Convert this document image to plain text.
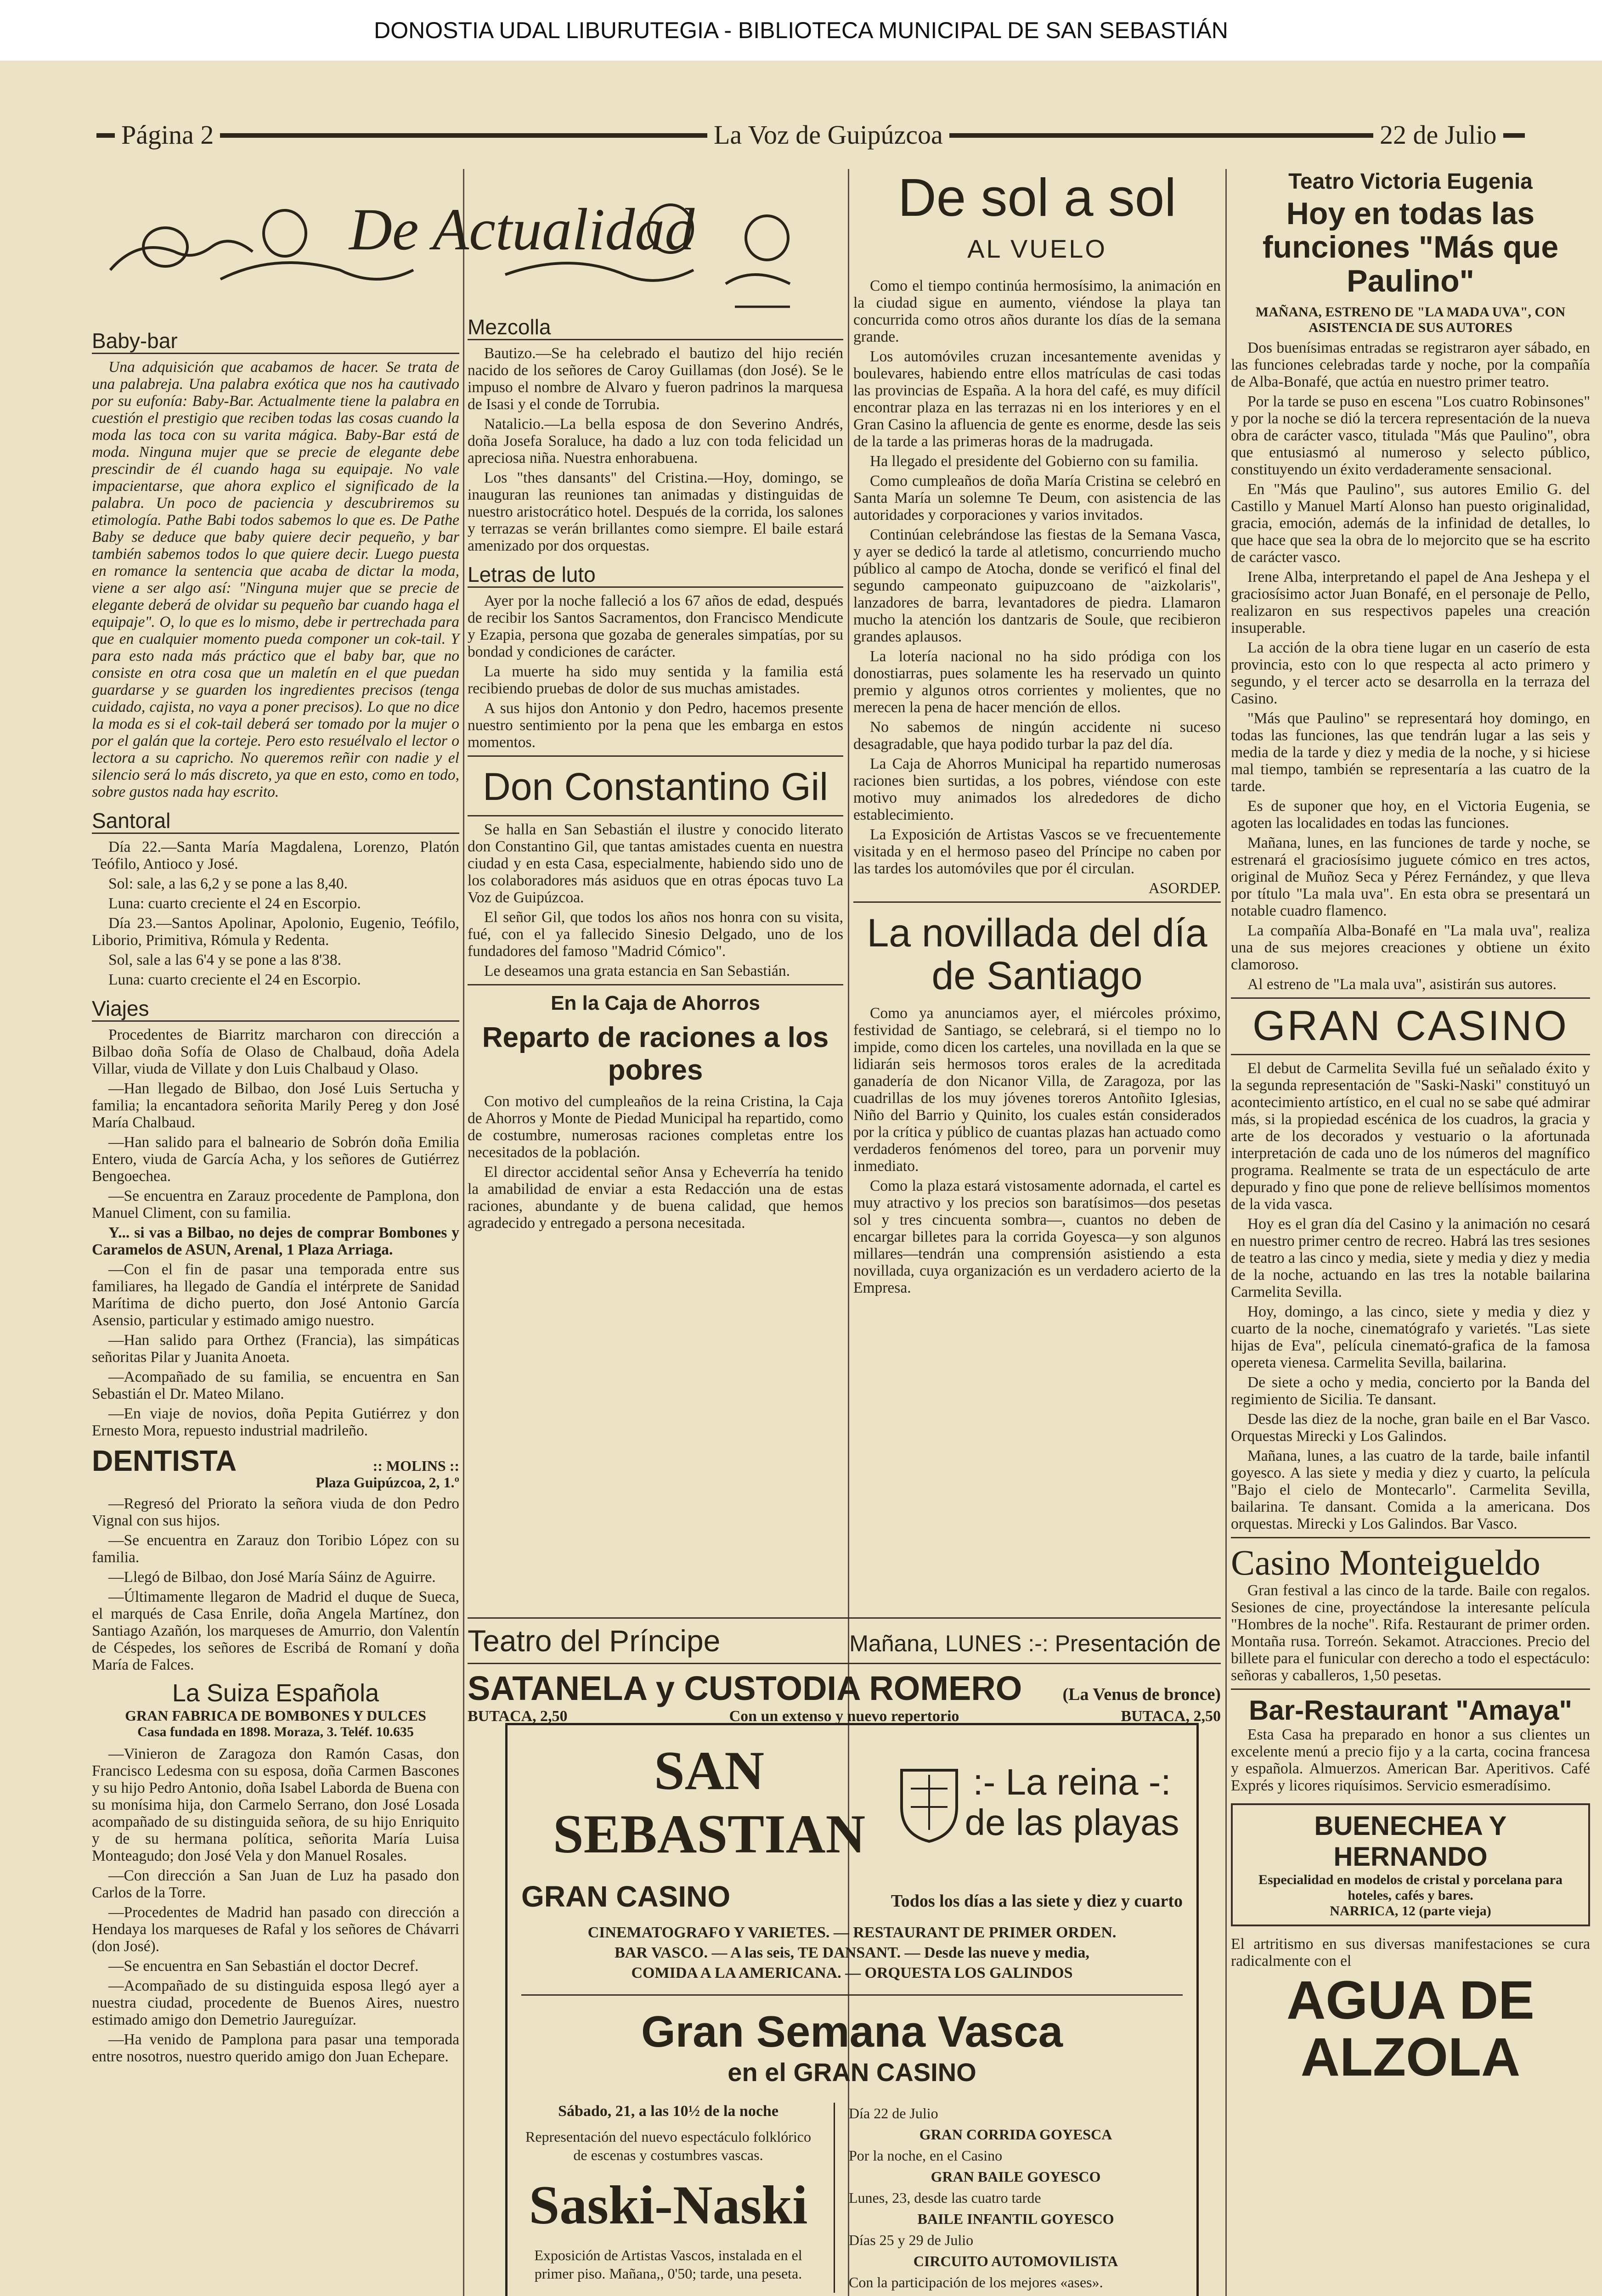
DONOSTIA UDAL LIBURUTEGIA - BIBLIOTECA MUNICIPAL DE SAN SEBASTIÁN
Página 2	La Voz de Guipúzcoa	22 de Julio
De Actualidad
Baby-bar

Una adquisición que acabamos de hacer. Se trata de una palabreja. Una palabra exótica que nos ha cautivado por su eufonía: Baby-Bar. Actualmente tiene la palabra en cuestión el prestigio que reciben todas las cosas cuando la moda las toca con su varita mágica. Baby-Bar está de moda. Ninguna mujer que se precie de elegante debe prescindir de él cuando haga su equipaje. No vale impacientarse, que ahora explico el significado de la palabra. Un poco de paciencia y descubriremos su etimología. Pathe Babi todos sabemos lo que es. De Pathe Baby se deduce que baby quiere decir pequeño, y bar también sabemos todos lo que quiere decir. Luego puesta en romance la sentencia que acaba de dictar la moda, viene a ser algo así: "Ninguna mujer que se precie de elegante deberá de olvidar su pequeño bar cuando haga el equipaje". O, lo que es lo mismo, debe ir pertrechada para que en cualquier momento pueda componer un cok-tail. Y para esto nada más práctico que el baby bar, que no consiste en otra cosa que un maletín en el que puedan guardarse y se guarden los ingredientes precisos (tenga cuidado, cajista, no vaya a poner precisos). Lo que no dice la moda es si el cok-tail deberá ser tomado por la mujer o por el galán que la corteje. Pero esto resuélvalo el lector o lectora a su capricho. No queremos reñir con nadie y el silencio será lo más discreto, ya que en esto, como en todo, sobre gustos nada hay escrito.

Santoral

Día 22.—Santa María Magdalena, Lorenzo, Platón Teófilo, Antioco y José.

Sol: sale, a las 6,2 y se pone a las 8,40.

Luna: cuarto creciente el 24 en Escorpio.

Día 23.—Santos Apolinar, Apolonio, Eugenio, Teófilo, Liborio, Primitiva, Rómula y Redenta.

Sol, sale a las 6'4 y se pone a las 8'38.

Luna: cuarto creciente el 24 en Escorpio.

Viajes

Procedentes de Biarritz marcharon con dirección a Bilbao doña Sofía de Olaso de Chalbaud, doña Adela Villar, viuda de Villate y don Luis Chalbaud y Olaso.

—Han llegado de Bilbao, don José Luis Sertucha y familia; la encantadora señorita Marily Pereg y don José María Chalbaud.

—Han salido para el balneario de Sobrón doña Emilia Entero, viuda de García Acha, y los señores de Gutiérrez Bengoechea.

—Se encuentra en Zarauz procedente de Pamplona, don Manuel Climent, con su familia.

Y... si vas a Bilbao, no dejes de comprar Bombones y Caramelos de ASUN, Arenal, 1 Plaza Arriaga.

—Con el fin de pasar una temporada entre sus familiares, ha llegado de Gandía el intérprete de Sanidad Marítima de dicho puerto, don José Antonio García Asensio, particular y estimado amigo nuestro.

—Han salido para Orthez (Francia), las simpáticas señoritas Pilar y Juanita Anoeta.

—Acompañado de su familia, se encuentra en San Sebastián el Dr. Mateo Milano.

—En viaje de novios, doña Pepita Gutiérrez y don Ernesto Mora, repuesto industrial madrileño.

DENTISTA	:: MOLINS ::
Plaza Guipúzcoa, 2, 1.º

—Regresó del Priorato la señora viuda de don Pedro Vignal con sus hijos.

—Se encuentra en Zarauz don Toribio López con su familia.

—Llegó de Bilbao, don José María Sáinz de Aguirre.

—Últimamente llegaron de Madrid el duque de Sueca, el marqués de Casa Enrile, doña Angela Martínez, don Santiago Azañón, los marqueses de Amurrio, don Valentín de Céspedes, los señores de Escribá de Romaní y doña María de Falces.

La Suiza Española
GRAN FABRICA DE BOMBONES Y DULCES
Casa fundada en 1898. Moraza, 3. Teléf. 10.635

—Vinieron de Zaragoza don Ramón Casas, don Francisco Ledesma con su esposa, doña Carmen Bascones y su hijo Pedro Antonio, doña Isabel Laborda de Buena con su monísima hija, don Carmelo Serrano, don José Losada acompañado de su distinguida señora, de su hijo Enriquito y de su hermana política, señorita María Luisa Monteagudo; don José Vela y don Manuel Rosales.

—Con dirección a San Juan de Luz ha pasado don Carlos de la Torre.

—Procedentes de Madrid han pasado con dirección a Hendaya los marqueses de Rafal y los señores de Chávarri (don José).

—Se encuentra en San Sebastián el doctor Decref.

—Acompañado de su distinguida esposa llegó ayer a nuestra ciudad, procedente de Buenos Aires, nuestro estimado amigo don Demetrio Jaureguízar.

—Ha venido de Pamplona para pasar una temporada entre nosotros, nuestro querido amigo don Juan Echepare.

Mezcolla

Bautizo.—Se ha celebrado el bautizo del hijo recién nacido de los señores de Caroy Guillamas (don José). Se le impuso el nombre de Alvaro y fueron padrinos la marquesa de Isasi y el conde de Torrubia.

Natalicio.—La bella esposa de don Severino Andrés, doña Josefa Soraluce, ha dado a luz con toda felicidad un apreciosa niña. Nuestra enhorabuena.

Los "thes dansants" del Cristina.—Hoy, domingo, se inauguran las reuniones tan animadas y distinguidas de nuestro aristocrático hotel. Después de la corrida, los salones y terrazas se verán brillantes como siempre. El baile estará amenizado por dos orquestas.

Letras de luto

Ayer por la noche falleció a los 67 años de edad, después de recibir los Santos Sacramentos, don Francisco Mendicute y Ezapia, persona que gozaba de generales simpatías, por su bondad y condiciones de carácter.

La muerte ha sido muy sentida y la familia está recibiendo pruebas de dolor de sus muchas amistades.

A sus hijos don Antonio y don Pedro, hacemos presente nuestro sentimiento por la pena que les embarga en estos momentos.

Don Constantino Gil

Se halla en San Sebastián el ilustre y conocido literato don Constantino Gil, que tantas amistades cuenta en nuestra ciudad y en esta Casa, especialmente, habiendo sido uno de los colaboradores más asiduos que en otras épocas tuvo La Voz de Guipúzcoa.

El señor Gil, que todos los años nos honra con su visita, fué, con el ya fallecido Sinesio Delgado, uno de los fundadores del famoso "Madrid Cómico".

Le deseamos una grata estancia en San Sebastián.

En la Caja de Ahorros
Reparto de raciones a los pobres

Con motivo del cumpleaños de la reina Cristina, la Caja de Ahorros y Monte de Piedad Municipal ha repartido, como de costumbre, numerosas raciones completas entre los necesitados de la población.

El director accidental señor Ansa y Echeverría ha tenido la amabilidad de enviar a esta Redacción una de estas raciones, abundante y de buena calidad, que hemos agradecido y entregado a persona necesitada.

De sol a sol
AL VUELO

Como el tiempo continúa hermosísimo, la animación en la ciudad sigue en aumento, viéndose la playa tan concurrida como otros años durante los días de la semana grande.

Los automóviles cruzan incesantemente avenidas y boulevares, habiendo entre ellos matrículas de casi todas las provincias de España. A la hora del café, es muy difícil encontrar plaza en las terrazas ni en los interiores y en el Gran Casino la afluencia de gente es enorme, desde las seis de la tarde a las primeras horas de la madrugada.

Ha llegado el presidente del Gobierno con su familia.

Como cumpleaños de doña María Cristina se celebró en Santa María un solemne Te Deum, con asistencia de las autoridades y corporaciones y varios invitados.

Continúan celebrándose las fiestas de la Semana Vasca, y ayer se dedicó la tarde al atletismo, concurriendo mucho público al campo de Atocha, donde se verificó el final del segundo campeonato guipuzcoano de "aizkolaris", lanzadores de barra, levantadores de piedra. Llamaron mucho la atención los dantzaris de Soule, que recibieron grandes aplausos.

La lotería nacional no ha sido pródiga con los donostiarras, pues solamente les ha reservado un quinto premio y algunos otros corrientes y molientes, que no merecen la pena de hacer mención de ellos.

No sabemos de ningún accidente ni suceso desagradable, que haya podido turbar la paz del día.

La Caja de Ahorros Municipal ha repartido numerosas raciones bien surtidas, a los pobres, viéndose con este motivo muy animados los alrededores de dicho establecimiento.

La Exposición de Artistas Vascos se ve frecuentemente visitada y en el hermoso paseo del Príncipe no caben por las tardes los automóviles que por él circulan.

ASORDEP.

La novillada del día de Santiago

Como ya anunciamos ayer, el miércoles próximo, festividad de Santiago, se celebrará, si el tiempo no lo impide, como dicen los carteles, una novillada en la que se lidiarán seis hermosos toros erales de la acreditada ganadería de don Nicanor Villa, de Zaragoza, por las cuadrillas de los muy jóvenes toreros Antoñito Iglesias, Niño del Barrio y Quinito, los cuales están considerados por la crítica y público de cuantas plazas han actuado como verdaderos fenómenos del toreo, para un porvenir muy inmediato.

Como la plaza estará vistosamente adornada, el cartel es muy atractivo y los precios son baratísimos—dos pesetas sol y tres cincuenta sombra—, cuantos no deben de encargar billetes para la corrida Goyesca—y son algunos millares—tendrán una comprensión asistiendo a esta novillada, cuya organización es un verdadero acierto de la Empresa.

Teatro Victoria Eugenia
Hoy en todas las funciones "Más que Paulino"
MAÑANA, ESTRENO DE "LA MADA UVA", CON ASISTENCIA DE SUS AUTORES

Dos buenísimas entradas se registraron ayer sábado, en las funciones celebradas tarde y noche, por la compañía de Alba-Bonafé, que actúa en nuestro primer teatro.

Por la tarde se puso en escena "Los cuatro Robinsones" y por la noche se dió la tercera representación de la nueva obra de carácter vasco, titulada "Más que Paulino", obra que entusiasmó al numeroso y selecto público, constituyendo un éxito verdaderamente sensacional.

En "Más que Paulino", sus autores Emilio G. del Castillo y Manuel Martí Alonso han puesto originalidad, gracia, emoción, además de la infinidad de detalles, lo que hace que sea la obra de lo mejorcito que se ha escrito de carácter vasco.

Irene Alba, interpretando el papel de Ana Jeshepa y el graciosísimo actor Juan Bonafé, en el personaje de Pello, realizaron en sus respectivos papeles una creación insuperable.

La acción de la obra tiene lugar en un caserío de esta provincia, esto con lo que respecta al acto primero y segundo, y el tercer acto se desarrolla en la terraza del Casino.

"Más que Paulino" se representará hoy domingo, en todas las funciones, las que tendrán lugar a las seis y media de la tarde y diez y media de la noche, y si hiciese mal tiempo, también se representaría a las cuatro de la tarde.

Es de suponer que hoy, en el Victoria Eugenia, se agoten las localidades en todas las funciones.

Mañana, lunes, en las funciones de tarde y noche, se estrenará el graciosísimo juguete cómico en tres actos, original de Muñoz Seca y Pérez Fernández, y que lleva por título "La mala uva". En esta obra se presentará un notable cuadro flamenco.

La compañía Alba-Bonafé en "La mala uva", realiza una de sus mejores creaciones y obtiene un éxito clamoroso.

Al estreno de "La mala uva", asistirán sus autores.

GRAN CASINO

El debut de Carmelita Sevilla fué un señalado éxito y la segunda representación de "Saski-Naski" constituyó un acontecimiento artístico, en el cual no se sabe qué admirar más, si la propiedad escénica de los cuadros, la gracia y arte de los decorados y vestuario o la afortunada interpretación de cada uno de los números del magnífico programa. Realmente se trata de un espectáculo de arte depurado y fino que pone de relieve bellísimos momentos de la vida vasca.

Hoy es el gran día del Casino y la animación no cesará en nuestro primer centro de recreo. Habrá las tres sesiones de teatro a las cinco y media, siete y media y diez y media de la noche, actuando en las tres la notable bailarina Carmelita Sevilla.

Hoy, domingo, a las cinco, siete y media y diez y cuarto de la noche, cinematógrafo y varietés. "Las siete hijas de Eva", película cinemató-grafica de la famosa opereta vienesa. Carmelita Sevilla, bailarina.

De siete a ocho y media, concierto por la Banda del regimiento de Sicilia. Te dansant.

Desde las diez de la noche, gran baile en el Bar Vasco. Orquestas Mirecki y Los Galindos.

Mañana, lunes, a las cuatro de la tarde, baile infantil goyesco. A las siete y media y diez y cuarto, la película "Bajo el cielo de Montecarlo". Carmelita Sevilla, bailarina. Te dansant. Comida a la americana. Dos orquestas. Mirecki y Los Galindos. Bar Vasco.

Casino Monteigueldo

Gran festival a las cinco de la tarde. Baile con regalos. Sesiones de cine, proyectándose la interesante película "Hombres de la noche". Rifa. Restaurant de primer orden. Montaña rusa. Torreón. Sekamot. Atracciones. Precio del billete para el funicular con derecho a todo el espectáculo: señoras y caballeros, 1,50 pesetas.

Bar-Restaurant "Amaya"

Esta Casa ha preparado en honor a sus clientes un excelente menú a precio fijo y a la carta, cocina francesa y española. Almuerzos. American Bar. Aperitivos. Café Exprés y licores riquísimos. Servicio esmeradísimo.

BUENECHEA Y HERNANDO
Especialidad en modelos de cristal y porcelana para hoteles, cafés y bares.
NARRICA, 12 (parte vieja)

El artritismo en sus diversas manifestaciones se cura radicalmente con el

AGUA DE ALZOLA
Teatro del Príncipe	Mañana, LUNES :-: Presentación de
SATANELA y CUSTODIA ROMERO (La Venus de bronce)
BUTACA, 2,50	Con un extenso y nuevo repertorio	BUTACA, 2,50
SAN SEBASTIAN
:- La reina -: de las playas
GRAN CASINO	Todos los días a las siete y diez y cuarto
CINEMATOGRAFO Y VARIETES. — RESTAURANT DE PRIMER ORDEN.
BAR VASCO. — A las seis, TE DANSANT. — Desde las nueve y media,
COMIDA A LA AMERICANA. — ORQUESTA LOS GALINDOS
Gran Semana Vasca
en el GRAN CASINO
Sábado, 21, a las 10½ de la noche
Representación del nuevo espectáculo folklórico de escenas y costumbres vascas.
Saski-Naski
Exposición de Artistas Vascos, instalada en el primer piso. Mañana,, 0'50; tarde, una peseta.
Día 22 de Julio
GRAN CORRIDA GOYESCA
Por la noche, en el Casino
GRAN BAILE GOYESCO
Lunes, 23, desde las cuatro tarde
BAILE INFANTIL GOYESCO
Días 25 y 29 de Julio
CIRCUITO AUTOMOVILISTA
Con la participación de los mejores «ases».
